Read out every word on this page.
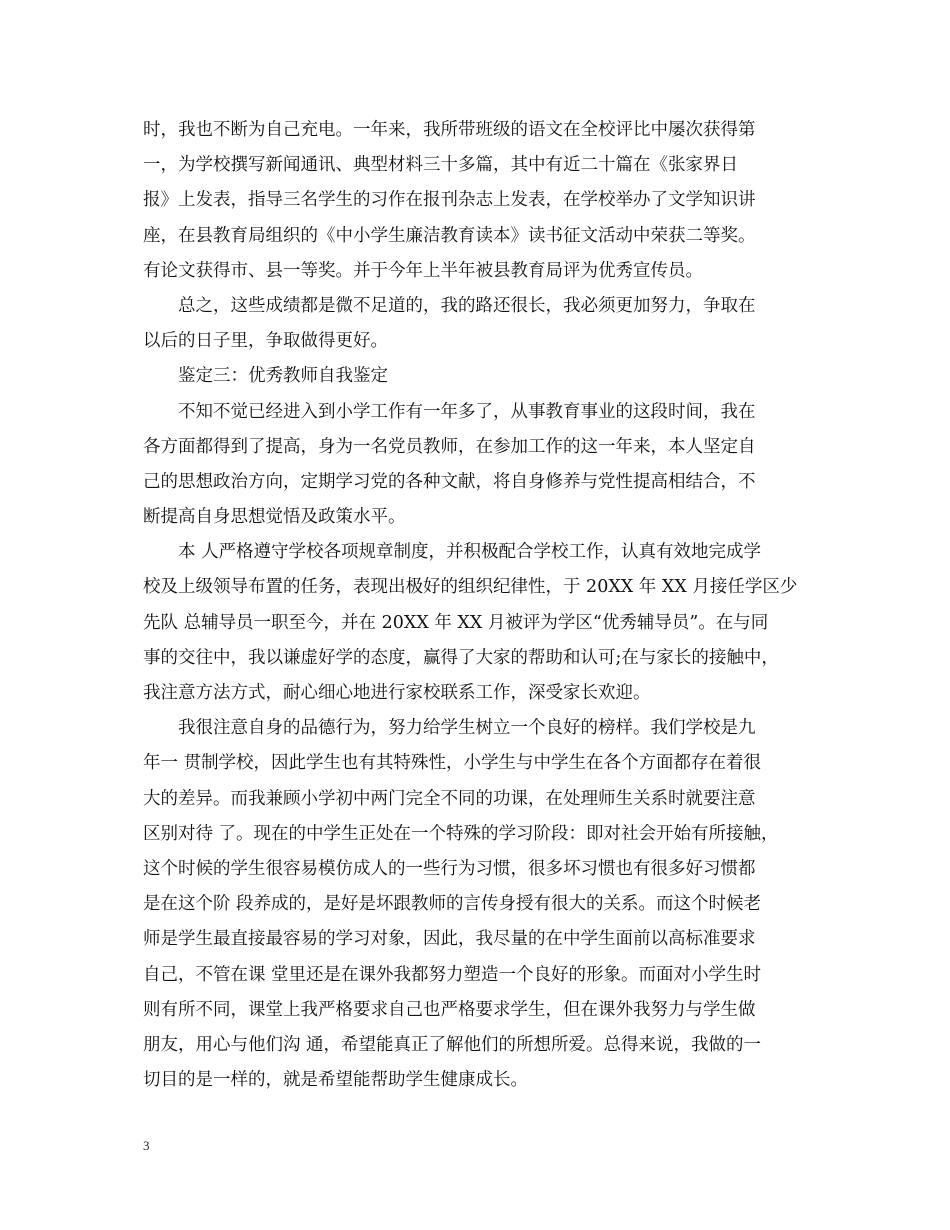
时，我也不断为自己充电。一年来，我所带班级的语文在全校评比中屡次获得第
一，为学校撰写新闻通讯、典型材料三十多篇，其中有近二十篇在《张家界日
报》上发表，指导三名学生的习作在报刊杂志上发表，在学校举办了文学知识讲
座，在县教育局组织的《中小学生廉洁教育读本》读书征文活动中荣获二等奖。
有论文获得市、县一等奖。并于今年上半年被县教育局评为优秀宣传员。
　　总之，这些成绩都是微不足道的，我的路还很长，我必须更加努力，争取在
以后的日子里，争取做得更好。
　　鉴定三：优秀教师自我鉴定
　　不知不觉已经进入到小学工作有一年多了，从事教育事业的这段时间，我在
各方面都得到了提高，身为一名党员教师，在参加工作的这一年来，本人坚定自
己的思想政治方向，定期学习党的各种文献，将自身修养与党性提高相结合，不
断提高自身思想觉悟及政策水平。
　　本 人严格遵守学校各项规章制度，并积极配合学校工作，认真有效地完成学
校及上级领导布置的任务，表现出极好的组织纪律性，于 20XX 年 XX 月接任学区少
先队 总辅导员一职至今，并在 20XX 年 XX 月被评为学区“优秀辅导员”。在与同
事的交往中，我以谦虚好学的态度，赢得了大家的帮助和认可;在与家长的接触中，
我注意方法方式，耐心细心地进行家校联系工作，深受家长欢迎。
　　我很注意自身的品德行为，努力给学生树立一个良好的榜样。我们学校是九
年一 贯制学校，因此学生也有其特殊性，小学生与中学生在各个方面都存在着很
大的差异。而我兼顾小学初中两门完全不同的功课，在处理师生关系时就要注意
区别对待 了。现在的中学生正处在一个特殊的学习阶段：即对社会开始有所接触，
这个时候的学生很容易模仿成人的一些行为习惯，很多坏习惯也有很多好习惯都
是在这个阶 段养成的，是好是坏跟教师的言传身授有很大的关系。而这个时候老
师是学生最直接最容易的学习对象，因此，我尽量的在中学生面前以高标准要求
自己，不管在课 堂里还是在课外我都努力塑造一个良好的形象。而面对小学生时
则有所不同，课堂上我严格要求自己也严格要求学生，但在课外我努力与学生做
朋友，用心与他们沟 通，希望能真正了解他们的所想所爱。总得来说，我做的一
切目的是一样的，就是希望能帮助学生健康成长。
3
